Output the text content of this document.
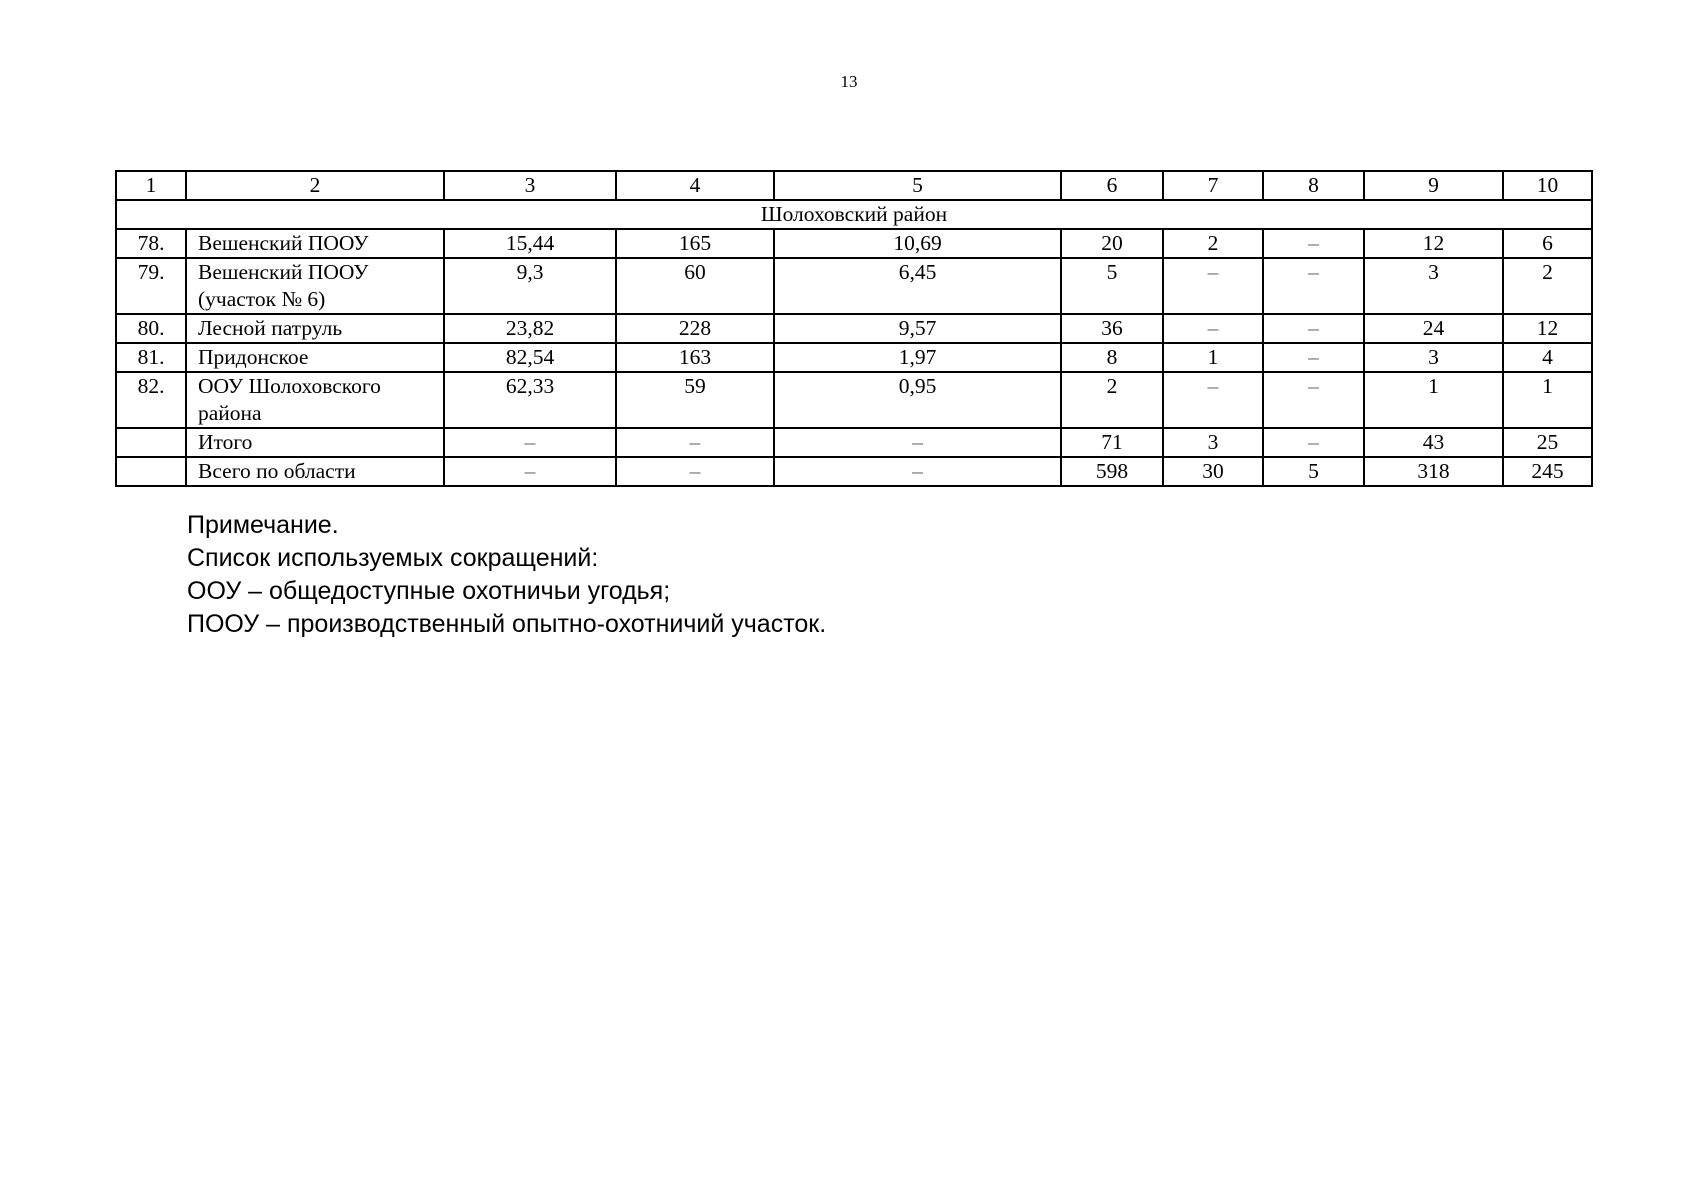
13
1	2	3	4	5	6	7	8	9	10
Шолоховский район									
78.	Вешенский ПООУ	15,44	165	10,69	20	2	–	12	6
79.	Вешенский ПООУ (участок № 6)	9,3	60	6,45	5	–	–	3	2
80.	Лесной патруль	23,82	228	9,57	36	–	–	24	12
81.	Придонское	82,54	163	1,97	8	1	–	3	4
82.	ООУ Шолоховского района	62,33	59	0,95	2	–	–	1	1
	Итого	–	–	–	71	3	–	43	25
	Всего по области	–	–	–	598	30	5	318	245

Примечание.

Список используемых сокращений:

ООУ – общедоступные охотничьи угодья;

ПООУ – производственный опытно-охотничий участок.
